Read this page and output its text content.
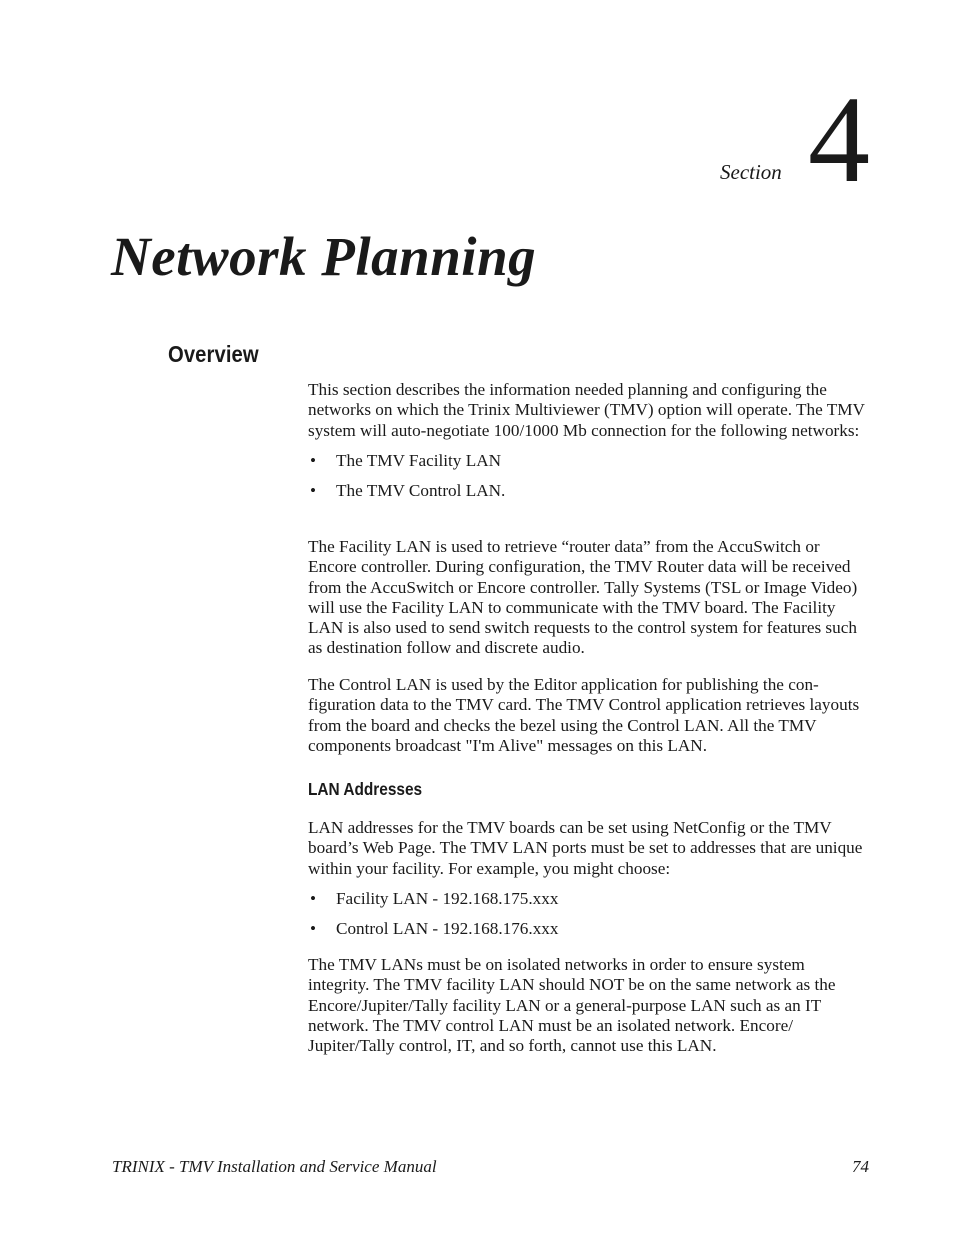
Section 4
Network Planning
Overview

This section describes the information needed planning and configuring the networks on which the Trinix Multiviewer (TMV) option will operate. The TMV system will auto-negotiate 100/1000 Mb connection for the following networks:

• The TMV Facility LAN
• The TMV Control LAN.

The Facility LAN is used to retrieve “router data” from the AccuSwitch or Encore controller. During configuration, the TMV Router data will be received from the AccuSwitch or Encore controller. Tally Systems (TSL or Image Video) will use the Facility LAN to communicate with the TMV board. The Facility LAN is also used to send switch requests to the control system for features such as destination follow and discrete audio.

The Control LAN is used by the Editor application for publishing the configuration data to the TMV card. The TMV Control application retrieves layouts from the board and checks the bezel using the Control LAN. All the TMV components broadcast "I'm Alive" messages on this LAN.

LAN Addresses

LAN addresses for the TMV boards can be set using NetConfig or the TMV board’s Web Page. The TMV LAN ports must be set to addresses that are unique within your facility. For example, you might choose:

• Facility LAN - 192.168.175.xxx
• Control LAN - 192.168.176.xxx

The TMV LANs must be on isolated networks in order to ensure system integrity. The TMV facility LAN should NOT be on the same network as the Encore/Jupiter/Tally facility LAN or a general-purpose LAN such as an IT network. The TMV control LAN must be an isolated network. Encore/ Jupiter/Tally control, IT, and so forth, cannot use this LAN.

TRINIX - TMV Installation and Service Manual	74
